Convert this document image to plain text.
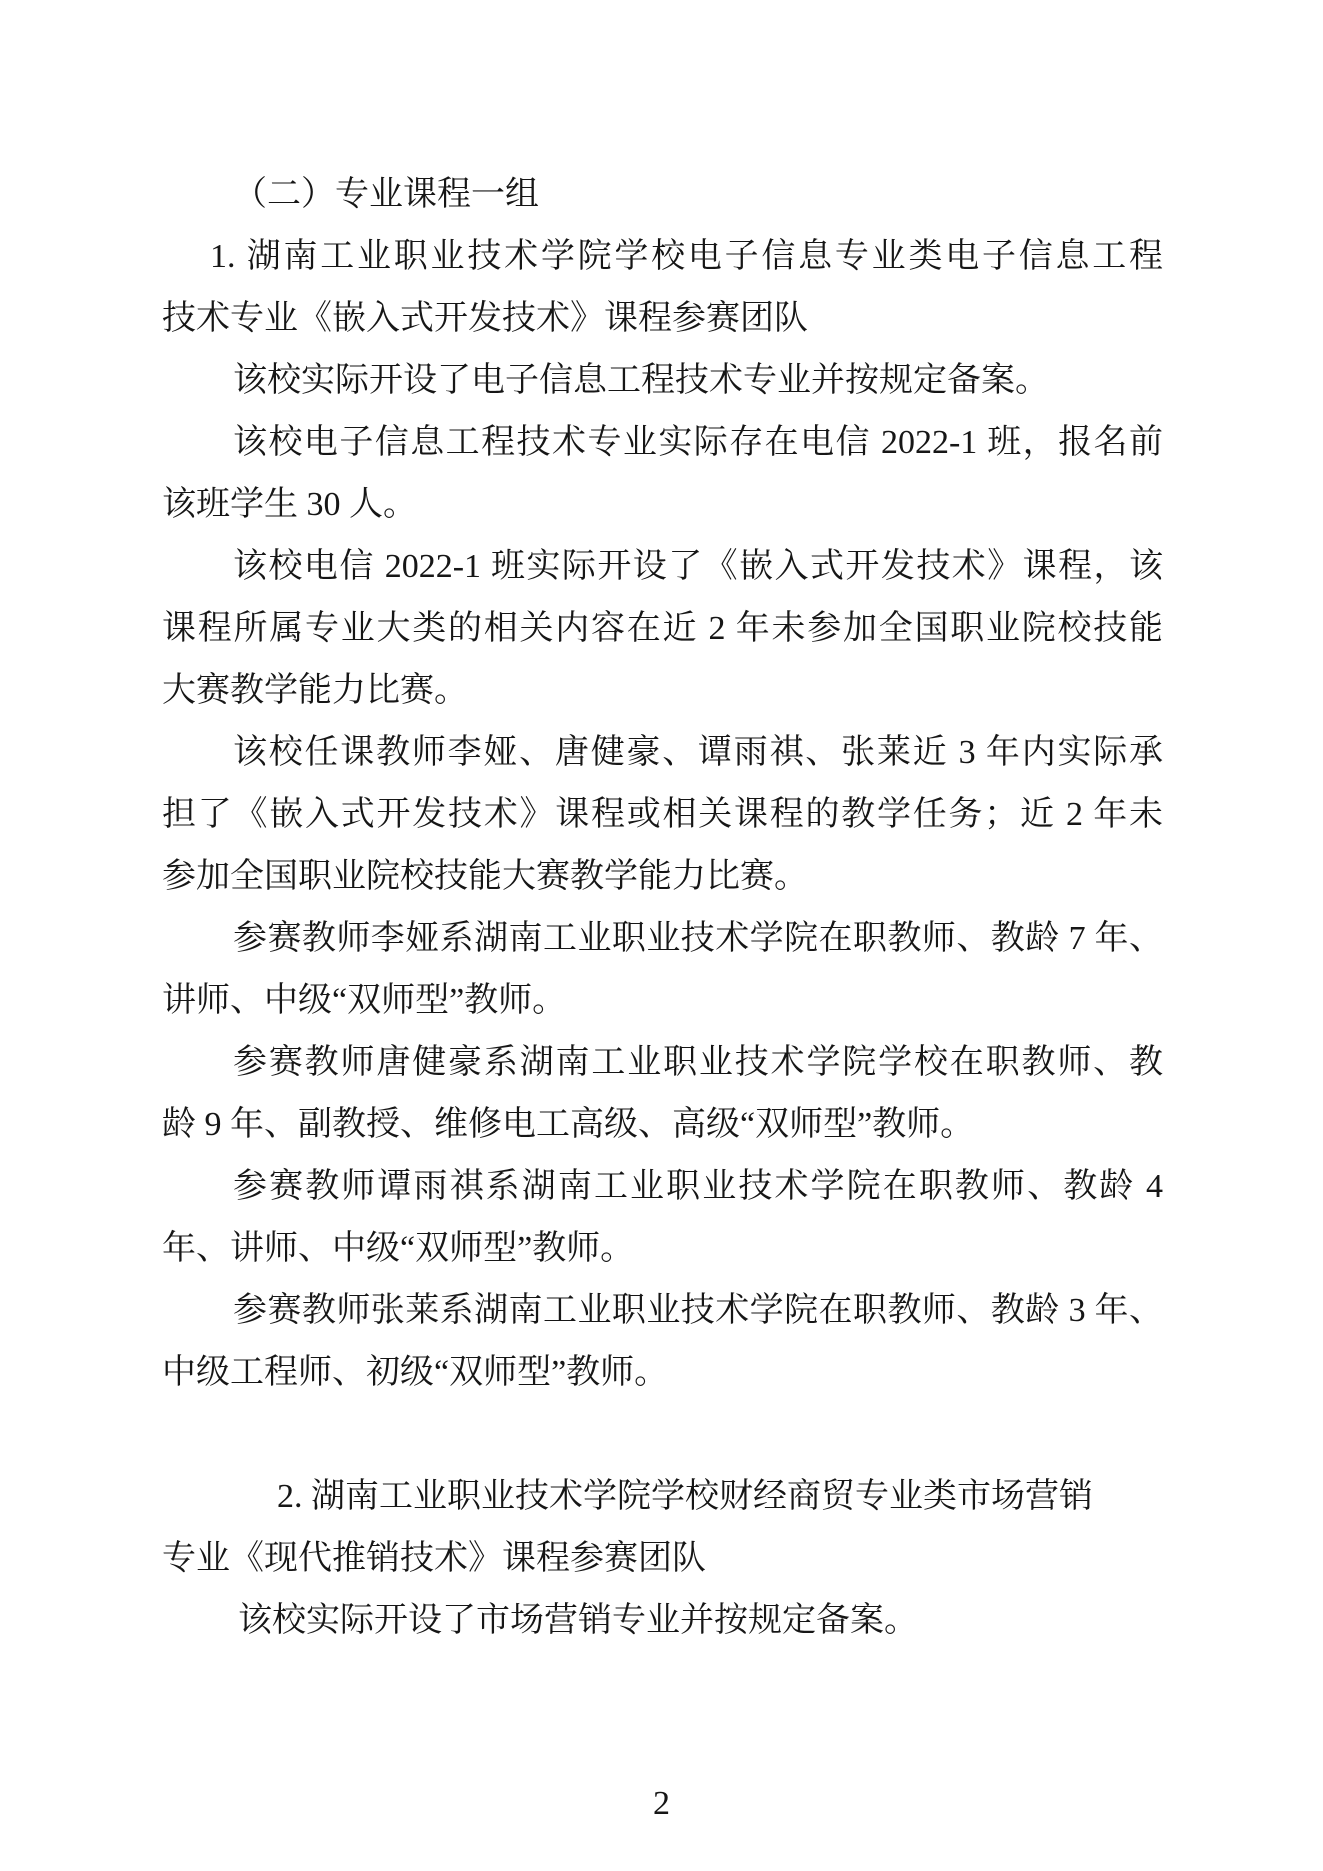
（二）专业课程一组
1. 湖南工业职业技术学院学校电子信息专业类电子信息工程
技术专业《嵌入式开发技术》课程参赛团队
该校实际开设了电子信息工程技术专业并按规定备案。
该校电子信息工程技术专业实际存在电信 2022-1 班，报名前
该班学生 30 人。
该校电信 2022-1 班实际开设了《嵌入式开发技术》课程，该
课程所属专业大类的相关内容在近 2 年未参加全国职业院校技能
大赛教学能力比赛。
该校任课教师李娅、唐健豪、谭雨祺、张莱近 3 年内实际承
担了《嵌入式开发技术》课程或相关课程的教学任务；近 2 年未
参加全国职业院校技能大赛教学能力比赛。
参赛教师李娅系湖南工业职业技术学院在职教师、教龄 7 年、
讲师、中级“双师型”教师。
参赛教师唐健豪系湖南工业职业技术学院学校在职教师、教
龄 9 年、副教授、维修电工高级、高级“双师型”教师。
参赛教师谭雨祺系湖南工业职业技术学院在职教师、教龄 4
年、讲师、中级“双师型”教师。
参赛教师张莱系湖南工业职业技术学院在职教师、教龄 3 年、
中级工程师、初级“双师型”教师。
2. 湖南工业职业技术学院学校财经商贸专业类市场营销
专业《现代推销技术》课程参赛团队
该校实际开设了市场营销专业并按规定备案。
2
